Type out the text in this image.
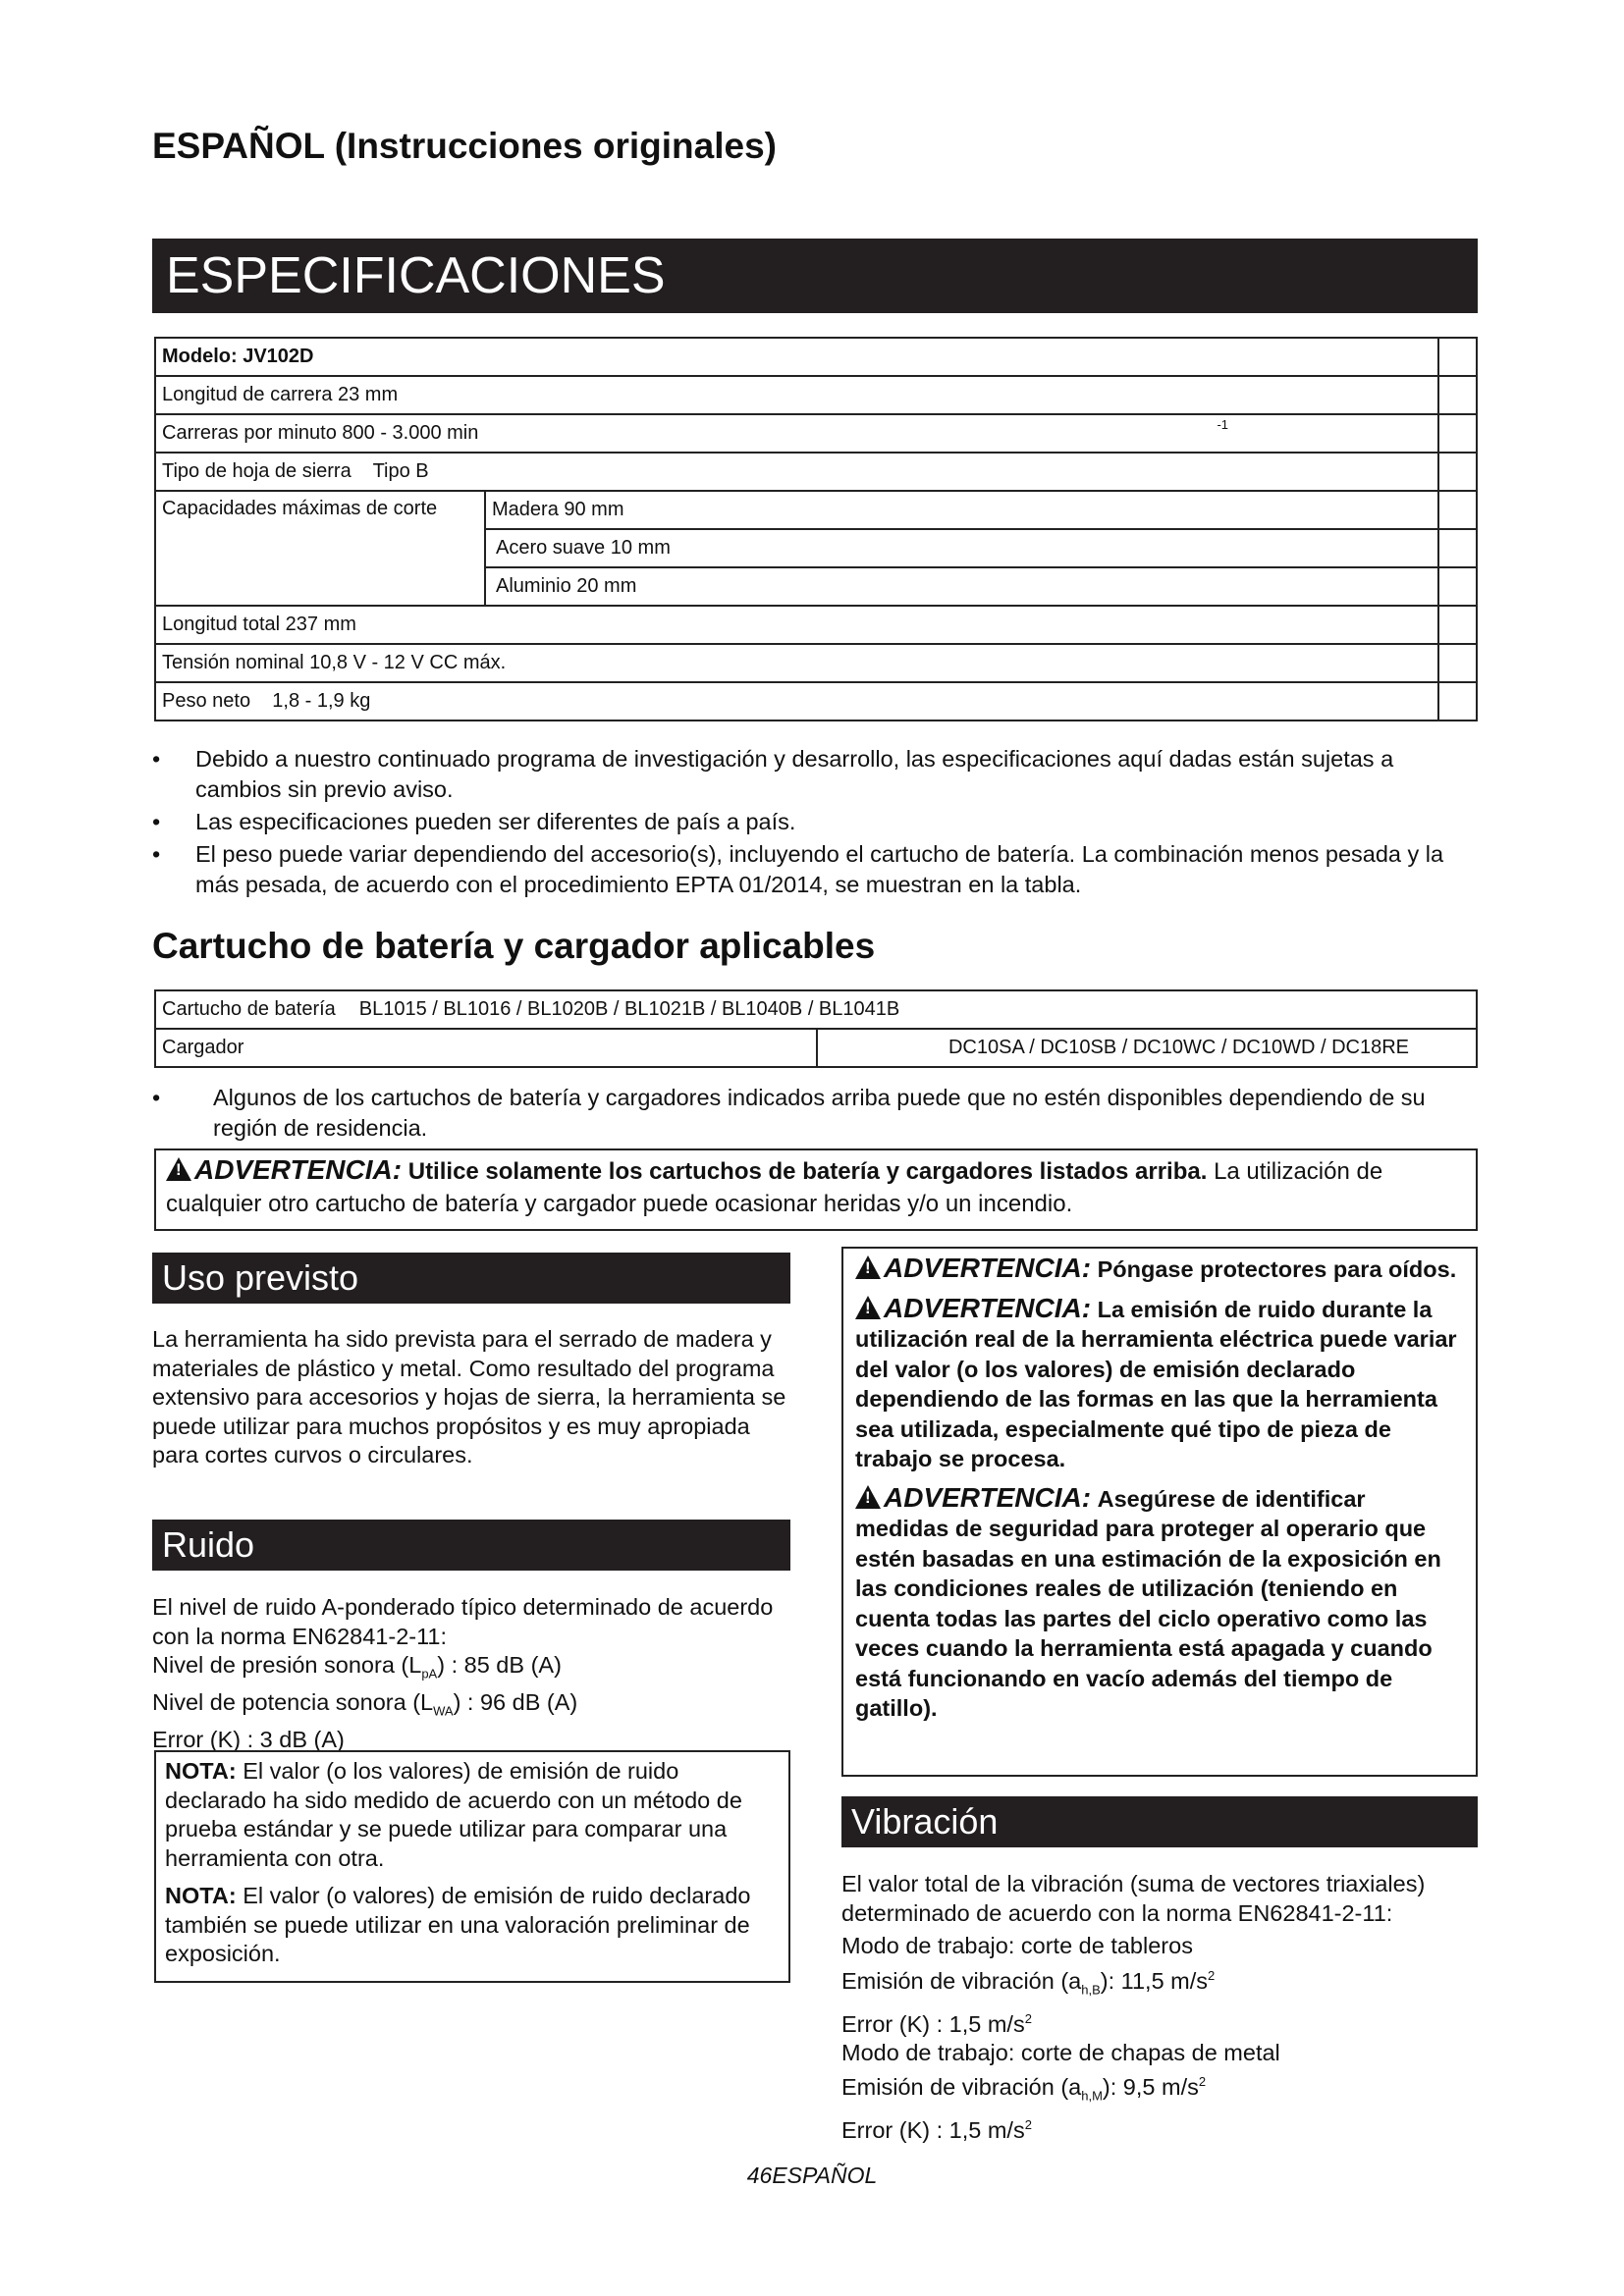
ESPAÑOL (Instrucciones originales)
ESPECIFICACIONES
Modelo: JV102D		
Longitud de carrera 23 mm		
Carreras por minuto 800 - 3.000 min		-1

Tipo de hoja de sierra    Tipo B		
Capacidades máximas de corte	Madera 90 mm	
	Acero suave 10 mm	
	Aluminio 20 mm	
Longitud total 237 mm		
Tensión nominal 10,8 V - 12 V CC máx.		
Peso neto    1,8 - 1,9 kg		
• Debido a nuestro continuado programa de investigación y desarrollo, las especificaciones aquí dadas están sujetas a cambios sin previo aviso.
• Las especificaciones pueden ser diferentes de país a país.
• El peso puede variar dependiendo del accesorio(s), incluyendo el cartucho de batería. La combinación menos pesada y la más pesada, de acuerdo con el procedimiento EPTA 01/2014, se muestran en la tabla.
Cartucho de batería y cargador aplicables
Cartucho de batería BL1015 / BL1016 / BL1020B / BL1021B / BL1040B / BL1041B
Cargador	DC10SA / DC10SB / DC10WC / DC10WD / DC18RE
• Algunos de los cartuchos de batería y cargadores indicados arriba puede que no estén disponibles dependiendo de su región de residencia.
!ADVERTENCIA: Utilice solamente los cartuchos de batería y cargadores listados arriba. La utilización de cualquier otro cartucho de batería y cargador puede ocasionar heridas y/o un incendio.
Uso previsto
La herramienta ha sido prevista para el serrado de madera y materiales de plástico y metal. Como resultado del programa extensivo para accesorios y hojas de sierra, la herramienta se puede utilizar para muchos propósitos y es muy apropiada para cortes curvos o circulares.
Ruido
El nivel de ruido A-ponderado típico determinado de acuerdo con la norma EN62841-2-11:
Nivel de presión sonora $(L_{pA})$ : 85 dB (A)
Nivel de potencia sonora $(L_{WA})$ : 96 dB (A)
Error (K) : 3 dB (A)
NOTA: El valor (o los valores) de emisión de ruido declarado ha sido medido de acuerdo con un método de prueba estándar y se puede utilizar para comparar una herramienta con otra.
NOTA: El valor (o valores) de emisión de ruido declarado también se puede utilizar en una valoración preliminar de exposición.
!ADVERTENCIA: Póngase protectores para oídos.
!ADVERTENCIA: La emisión de ruido durante la utilización real de la herramienta eléctrica puede variar del valor (o los valores) de emisión declarado dependiendo de las formas en las que la herramienta sea utilizada, especialmente qué tipo de pieza de trabajo se procesa.
!ADVERTENCIA: Asegúrese de identificar medidas de seguridad para proteger al operario que estén basadas en una estimación de la exposición en las condiciones reales de utilización (teniendo en cuenta todas las partes del ciclo operativo como las veces cuando la herramienta está apagada y cuando está funcionando en vacío además del tiempo de gatillo).
Vibración
El valor total de la vibración (suma de vectores triaxiales) determinado de acuerdo con la norma EN62841-2-11:
Modo de trabajo: corte de tableros
Emisión de vibración $(a_{h,B})$: 11,5 $m/s^2$
Error (K) : 1,5 $m/s^2$
Modo de trabajo: corte de chapas de metal
Emisión de vibración $(a_{h,M})$: 9,5 $m/s^2$
Error (K) : 1,5 $m/s^2$
46ESPAÑOL
